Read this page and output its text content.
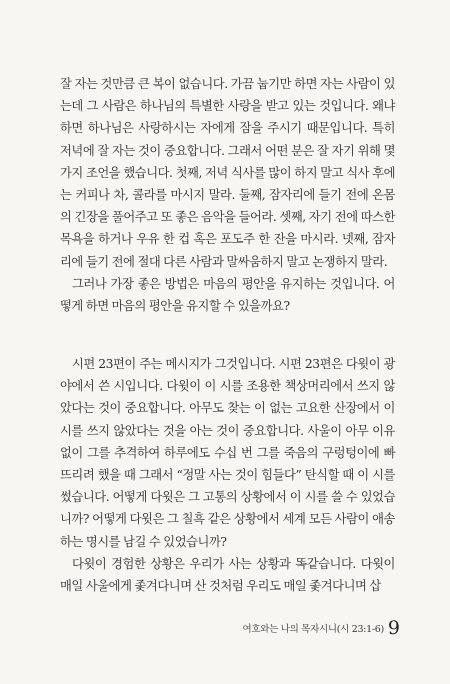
잘 자는 것만큼 큰 복이 없습니다. 가끔 눕기만 하면 자는 사람이 있는데 그 사람은 하나님의 특별한 사랑을 받고 있는 것입니다. 왜냐하면 하나님은 사랑하시는 자에게 잠을 주시기 때문입니다. 특히 저녁에 잘 자는 것이 중요합니다. 그래서 어떤 분은 잘 자기 위해 몇 가지 조언을 했습니다. 첫째, 저녁 식사를 많이 하지 말고 식사 후에는 커피나 차, 콜라를 마시지 말라. 둘째, 잠자리에 들기 전에 온몸의 긴장을 풀어주고 또 좋은 음악을 들어라. 셋째, 자기 전에 따스한 목욕을 하거나 우유 한 컵 혹은 포도주 한 잔을 마시라. 넷째, 잠자리에 들기 전에 절대 다른 사람과 말싸움하지 말고 논쟁하지 말라.

그러나 가장 좋은 방법은 마음의 평안을 유지하는 것입니다. 어떻게 하면 마음의 평안을 유지할 수 있을까요?

시편 23편이 주는 메시지가 그것입니다. 시편 23편은 다윗이 광야에서 쓴 시입니다. 다윗이 이 시를 조용한 책상머리에서 쓰지 않았다는 것이 중요합니다. 아무도 찾는 이 없는 고요한 산장에서 이 시를 쓰지 않았다는 것을 아는 것이 중요합니다. 사울이 아무 이유 없이 그를 추격하여 하루에도 수십 번 그를 죽음의 구렁텅이에 빠뜨리려 했을 때 그래서 “정말 사는 것이 힘들다” 탄식할 때 이 시를 썼습니다. 어떻게 다윗은 그 고통의 상황에서 이 시를 쓸 수 있었습니까? 어떻게 다윗은 그 칠흑 같은 상황에서 세계 모든 사람이 애송하는 명시를 남길 수 있었습니까?

다윗이 경험한 상황은 우리가 사는 상황과 똑같습니다. 다윗이 매일 사울에게 좇겨다니며 산 것처럼 우리도 매일 좇겨다니며 삽

여호와는 나의 목자시니(시 23:1-6) 9
